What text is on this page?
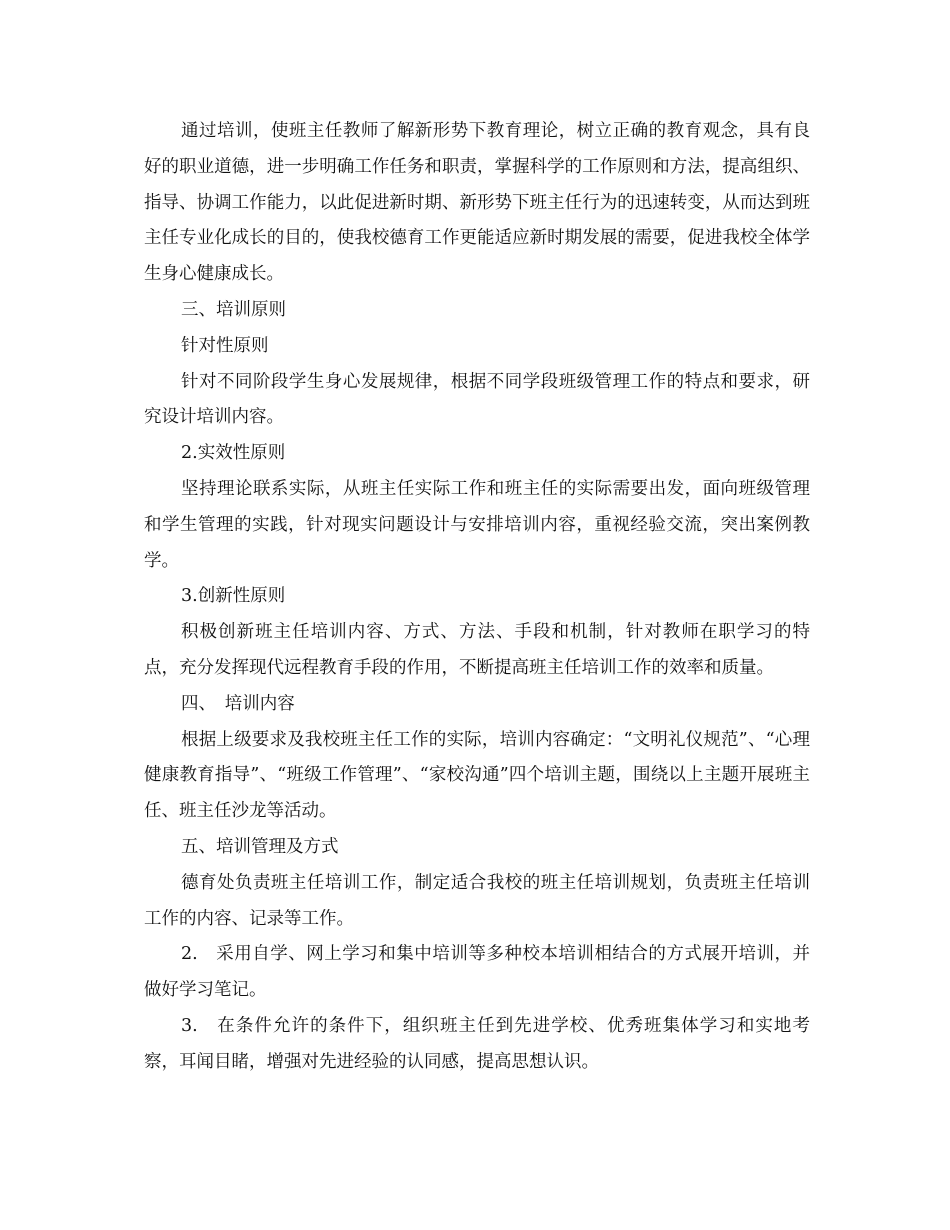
通过培训，使班主任教师了解新形势下教育理论，树立正确的教育观念，具有良好的职业道德，进一步明确工作任务和职责，掌握科学的工作原则和方法，提高组织、指导、协调工作能力，以此促进新时期、新形势下班主任行为的迅速转变，从而达到班主任专业化成长的目的，使我校德育工作更能适应新时期发展的需要，促进我校全体学生身心健康成长。

三、培训原则

针对性原则

针对不同阶段学生身心发展规律，根据不同学段班级管理工作的特点和要求，研究设计培训内容。

2.实效性原则

坚持理论联系实际，从班主任实际工作和班主任的实际需要出发，面向班级管理和学生管理的实践，针对现实问题设计与安排培训内容，重视经验交流，突出案例教学。

3.创新性原则

积极创新班主任培训内容、方式、方法、手段和机制，针对教师在职学习的特点，充分发挥现代远程教育手段的作用，不断提高班主任培训工作的效率和质量。

四、　培训内容

根据上级要求及我校班主任工作的实际，培训内容确定：“文明礼仪规范”、“心理健康教育指导”、“班级工作管理”、“家校沟通”四个培训主题，围绕以上主题开展班主任、班主任沙龙等活动。

五、培训管理及方式

德育处负责班主任培训工作，制定适合我校的班主任培训规划，负责班主任培训工作的内容、记录等工作。

2.　采用自学、网上学习和集中培训等多种校本培训相结合的方式展开培训，并做好学习笔记。

3.　在条件允许的条件下，组织班主任到先进学校、优秀班集体学习和实地考察，耳闻目睹，增强对先进经验的认同感，提高思想认识。
